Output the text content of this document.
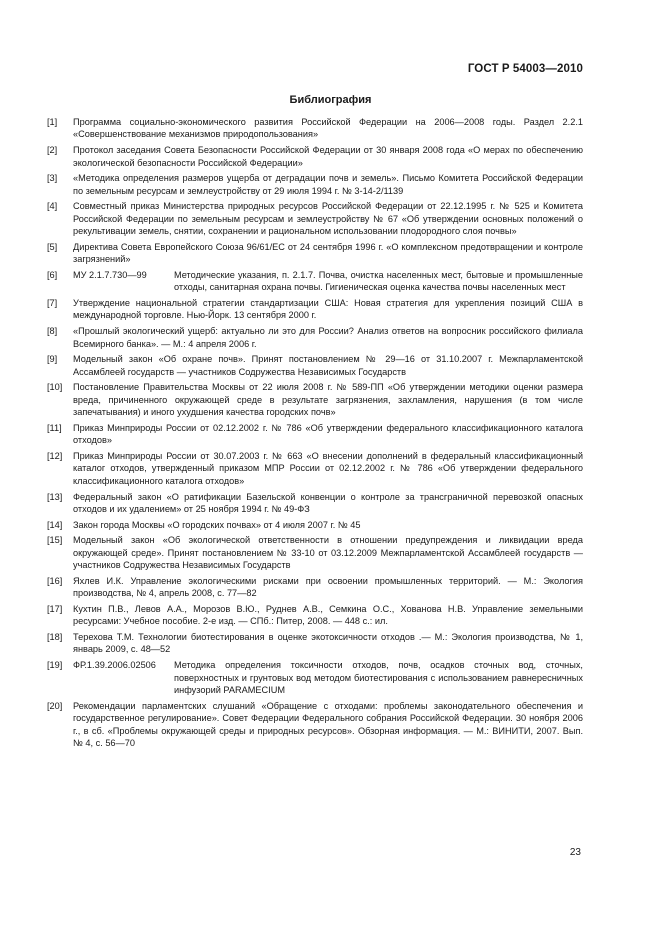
ГОСТ Р 54003—2010
Библиография
[1]	Программа социально-экономического развития Российской Федерации на 2006—2008 годы. Раздел 2.2.1 «Совершенствование механизмов природопользования»
[2]	Протокол заседания Совета Безопасности Российской Федерации от 30 января 2008 года «О мерах по обеспечению экологической безопасности Российской Федерации»
[3]	«Методика определения размеров ущерба от деградации почв и земель». Письмо Комитета Российской Федерации по земельным ресурсам и землеустройству от 29 июля 1994 г. № 3-14-2/1139
[4]	Совместный приказ Министерства природных ресурсов Российской Федерации от 22.12.1995 г. № 525 и Комитета Российской Федерации по земельным ресурсам и землеустройству № 67 «Об утверждении основных положений о рекультивации земель, снятии, сохранении и рациональном использовании плодородного слоя почвы»
[5]	Директива Совета Европейского Союза 96/61/ЕС от 24 сентября 1996 г. «О комплексном предотвращении и контроле загрязнений»
[6]	МУ 2.1.7.730—99	Методические указания, п. 2.1.7. Почва, очистка населенных мест, бытовые и промышленные отходы, санитарная охрана почвы. Гигиеническая оценка качества почвы населенных мест
[7]	Утверждение национальной стратегии стандартизации США: Новая стратегия для укрепления позиций США в международной торговле. Нью-Йорк. 13 сентября 2000 г.
[8]	«Прошлый экологический ущерб: актуально ли это для России? Анализ ответов на вопросник российского филиала Всемирного банка». — М.: 4 апреля 2006 г.
[9]	Модельный закон «Об охране почв». Принят постановлением № 29—16 от 31.10.2007 г. Межпарламентской Ассамблеей государств — участников Содружества Независимых Государств
[10]	Постановление Правительства Москвы от 22 июля 2008 г. № 589-ПП «Об утверждении методики оценки размера вреда, причиненного окружающей среде в результате загрязнения, захламления, нарушения (в том числе запечатывания) и иного ухудшения качества городских почв»
[11]	Приказ Минприроды России от 02.12.2002 г. № 786 «Об утверждении федерального классификационного каталога отходов»
[12]	Приказ Минприроды России от 30.07.2003 г. № 663 «О внесении дополнений в федеральный классификационный каталог отходов, утвержденный приказом МПР России от 02.12.2002 г. № 786 «Об утверждении федерального классификационного каталога отходов»
[13]	Федеральный закон «О ратификации Базельской конвенции о контроле за трансграничной перевозкой опасных отходов и их удалением» от 25 ноября 1994 г. № 49-ФЗ
[14]	Закон города Москвы «О городских почвах» от 4 июля 2007 г. № 45
[15]	Модельный закон «Об экологической ответственности в отношении предупреждения и ликвидации вреда окружающей среде». Принят постановлением № 33-10 от 03.12.2009 Межпарламентской Ассамблеей государств — участников Содружества Независимых Государств
[16]	Яхлев И.К. Управление экологическими рисками при освоении промышленных территорий. — М.: Экология производства, № 4, апрель 2008, с. 77—82
[17]	Кухтин П.В., Левов А.А., Морозов В.Ю., Руднев А.В., Семкина О.С., Хованова Н.В. Управление земельными ресурсами: Учебное пособие. 2-е изд. — СПб.: Питер, 2008. — 448 с.: ил.
[18]	Терехова Т.М. Технологии биотестирования в оценке экотоксичности отходов .— М.: Экология производства, № 1, январь 2009, с. 48—52
[19]	ФР.1.39.2006.02506	Методика определения токсичности отходов, почв, осадков сточных вод, сточных, поверхностных и грунтовых вод методом биотестирования с использованием равнересничных инфузорий PARAMECIUM
[20]	Рекомендации парламентских слушаний «Обращение с отходами: проблемы законодательного обеспечения и государственное регулирование». Совет Федерации Федерального собрания Российской Федерации. 30 ноября 2006 г., в сб. «Проблемы окружающей среды и природных ресурсов». Обзорная информация. — М.: ВИНИТИ, 2007. Вып. № 4, с. 56—70
23
